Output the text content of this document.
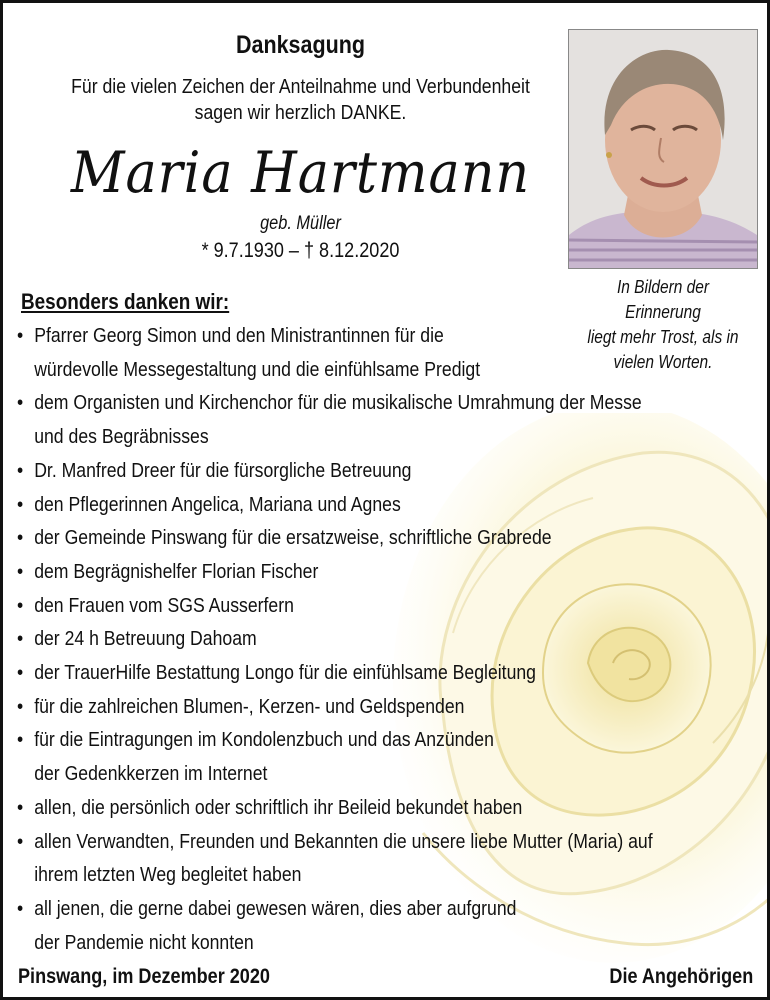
Danksagung
Für die vielen Zeichen der Anteilnahme und Verbundenheit
sagen wir herzlich DANKE.
Maria Hartmann
geb. Müller
* 9.7.1930 – † 8.12.2020
In Bildern der Erinnerung
liegt mehr Trost, als in
vielen Worten.
Besonders danken wir:
• Pfarrer Georg Simon und den Ministrantinnen für die
würdevolle Messegestaltung und die einfühlsame Predigt
• dem Organisten und Kirchenchor für die musikalische Umrahmung der Messe
und des Begräbnisses
• Dr. Manfred Dreer für die fürsorgliche Betreuung
• den Pflegerinnen Angelica, Mariana und Agnes
• der Gemeinde Pinswang für die ersatzweise, schriftliche Grabrede
• dem Begrägnishelfer Florian Fischer
• den Frauen vom SGS Ausserfern
• der 24 h Betreuung Dahoam
• der TrauerHilfe Bestattung Longo für die einfühlsame Begleitung
• für die zahlreichen Blumen-, Kerzen- und Geldspenden
• für die Eintragungen im Kondolenzbuch und das Anzünden
der Gedenkkerzen im Internet
• allen, die persönlich oder schriftlich ihr Beileid bekundet haben
• allen Verwandten, Freunden und Bekannten die unsere liebe Mutter (Maria) auf
ihrem letzten Weg begleitet haben
• all jenen, die gerne dabei gewesen wären, dies aber aufgrund
der Pandemie nicht konnten
Pinswang, im Dezember 2020	Die Angehörigen
